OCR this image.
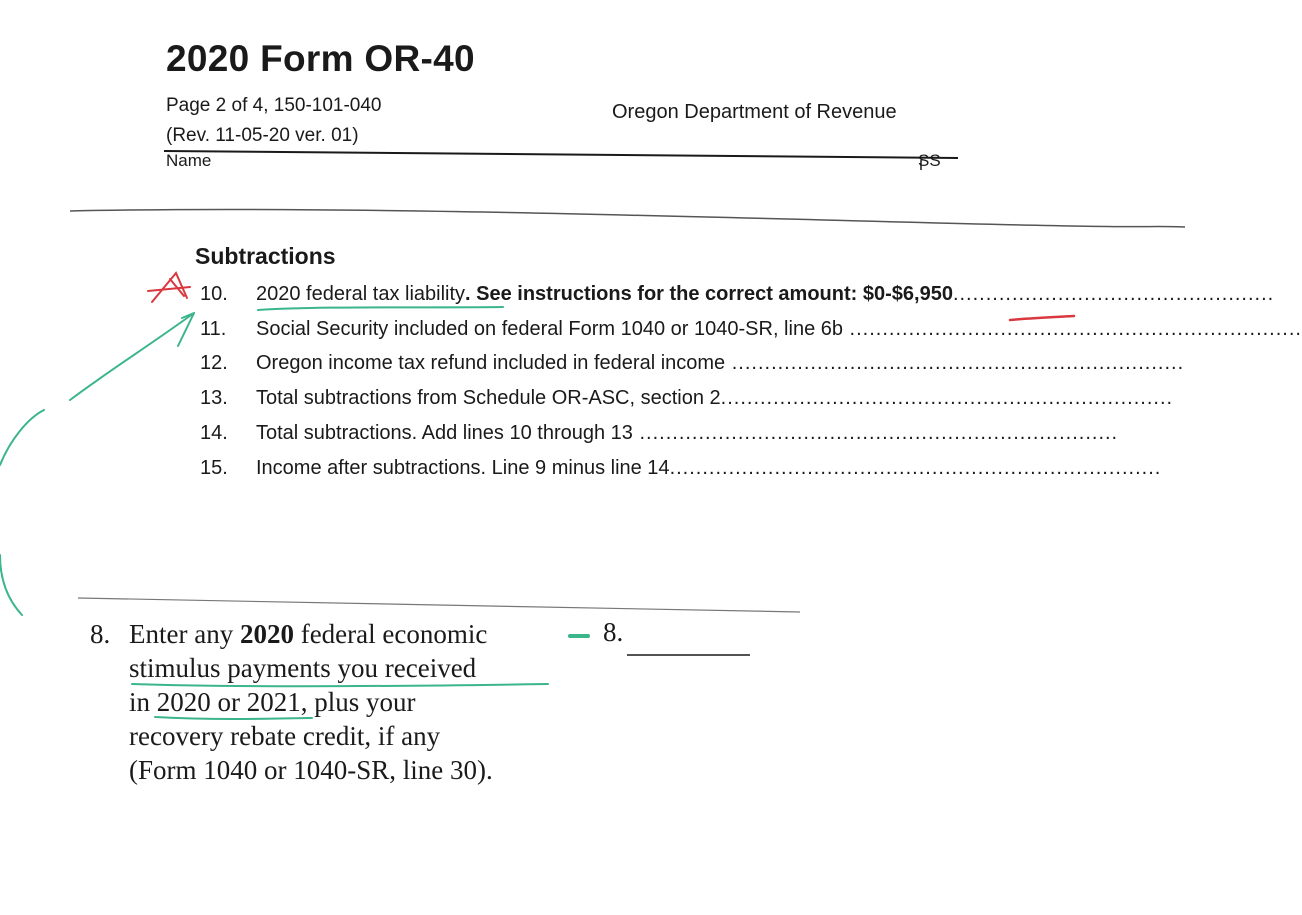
2020 Form OR-40
Page 2 of 4, 150-101-040
(Rev. 11-05-20 ver. 01)
Oregon Department of Revenue
Name	SS
Subtractions
10. 2020 federal tax liability. See instructions for the correct amount: $0-$6,950.................................................
11. Social Security included on federal Form 1040 or 1040-SR, line 6b .....................................................................
12. Oregon income tax refund included in federal income .....................................................................
13. Total subtractions from Schedule OR-ASC, section 2.....................................................................
14. Total subtractions. Add lines 10 through 13 .........................................................................
15. Income after subtractions. Line 9 minus line 14...........................................................................
8. Enter any 2020 federal economic
stimulus payments you received
in 2020 or 2021, plus your
recovery rebate credit, if any
(Form 1040 or 1040-SR, line 30).
8.
